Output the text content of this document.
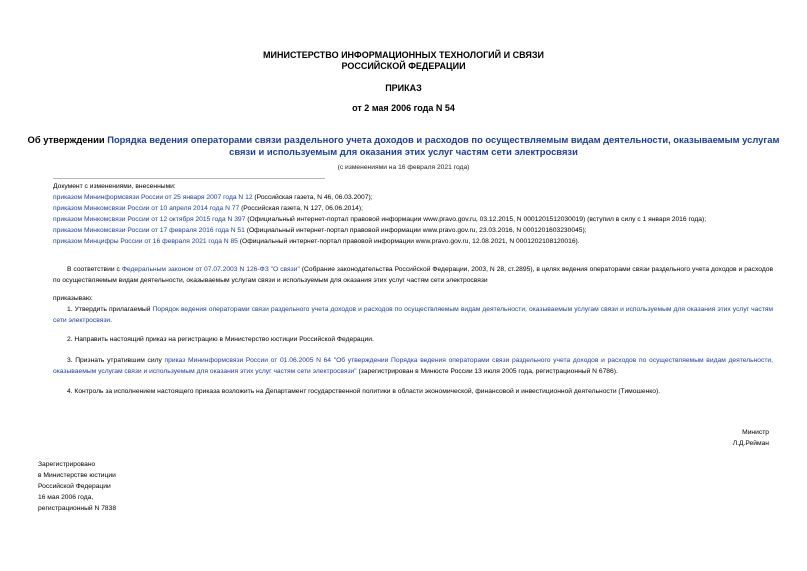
МИНИСТЕРСТВО ИНФОРМАЦИОННЫХ ТЕХНОЛОГИЙ И СВЯЗИ
РОССИЙСКОЙ ФЕДЕРАЦИИ
ПРИКАЗ
от 2 мая 2006 года N 54
Об утверждении Порядка ведения операторами связи раздельного учета доходов и расходов по осуществляемым видам деятельности, оказываемым услугам
связи и используемым для оказания этих услуг частям сети электросвязи
(с изменениями на 16 февраля 2021 года)
Документ с изменениями, внесенными:
приказом Мининформсвязи России от 25 января 2007 года N 12 (Российская газета, N 46, 06.03.2007);
приказом Минкомсвязи России от 10 апреля 2014 года N 77 (Российская газета, N 127, 06.06.2014);
приказом Минкомсвязи России от 12 октября 2015 года N 397 (Официальный интернет-портал правовой информации www.pravo.gov.ru, 03.12.2015, N 0001201512030019) (вступил в силу с 1 января 2016 года);
приказом Минкомсвязи России от 17 февраля 2016 года N 51 (Официальный интернет-портал правовой информации www.pravo.gov.ru, 23.03.2016, N 0001201603230045);
приказом Минцифры России от 16 февраля 2021 года N 85 (Официальный интернет-портал правовой информации www.pravo.gov.ru, 12.08.2021, N 0001202108120016).
В соответствии с Федеральным законом от 07.07.2003 N 126-ФЗ "О связи" (Собрание законодательства Российской Федерации, 2003, N 28, ст.2895), в целях ведения операторами связи раздельного учета доходов и расходов по осуществляемым видам деятельности, оказываемым услугам связи и используемым для оказания этих услуг частям сети электросвязи
приказываю:
1. Утвердить прилагаемый Порядок ведения операторами связи раздельного учета доходов и расходов по осуществляемым видам деятельности, оказываемым услугам связи и используемым для оказания этих услуг частям сети электросвязи.
2. Направить настоящий приказ на регистрацию в Министерство юстиции Российской Федерации.
3. Признать утратившим силу приказ Мининформсвязи России от 01.06.2005 N 64 "Об утверждении Порядка ведения операторами связи раздельного учета доходов и расходов по осуществляемым видам деятельности, оказываемым услугам связи и используемым для оказания этих услуг частям сети электросвязи" (зарегистрирован в Минюсте России 13 июля 2005 года, регистрационный N 6786).
4. Контроль за исполнением настоящего приказа возложить на Департамент государственной политики в области экономической, финансовой и инвестиционной деятельности (Тимошенко).
Министр
Л.Д.Рейман
Зарегистрировано
в Министерстве юстиции
Российской Федерации
16 мая 2006 года,
регистрационный N 7838
